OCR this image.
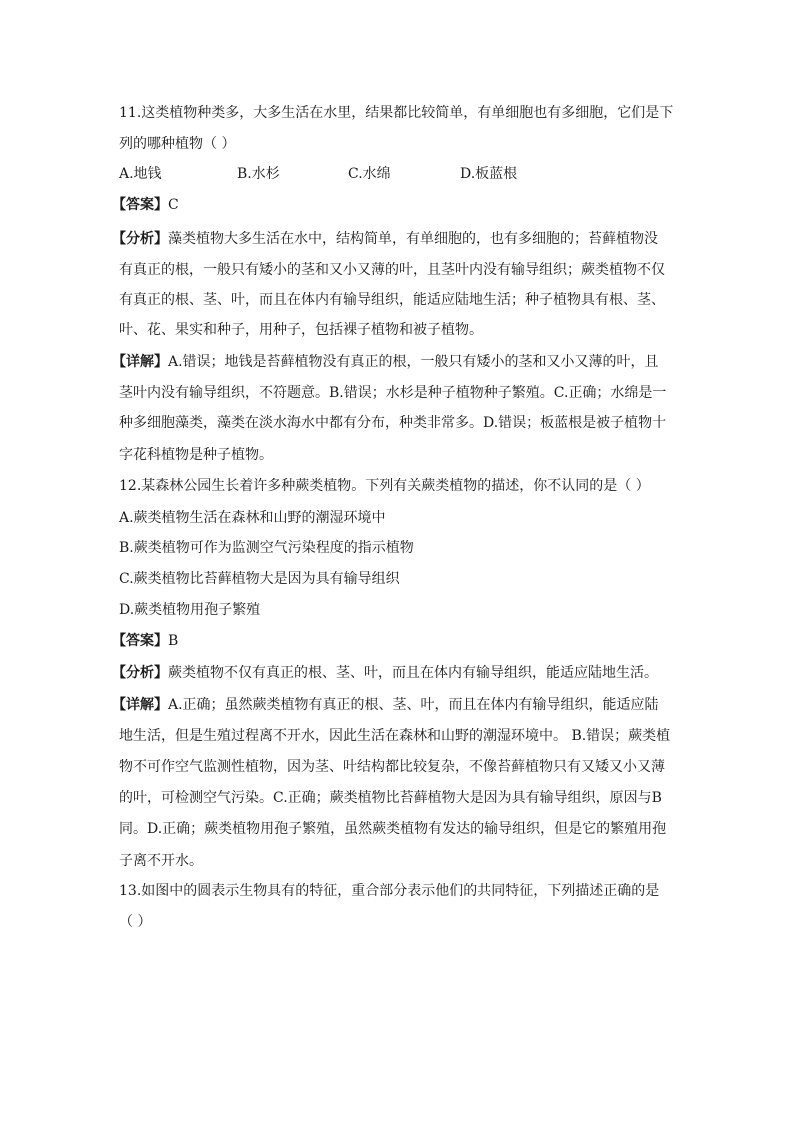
11.这类植物种类多，大多生活在水里，结果都比较简单，有单细胞也有多细胞，它们是下
列的哪种植物（ ）
A.地钱	B.水杉	C.水绵	D.板蓝根
【答案】C
【分析】藻类植物大多生活在水中，结构简单，有单细胞的，也有多细胞的；苔藓植物没
有真正的根，一般只有矮小的茎和又小又薄的叶，且茎叶内没有输导组织；蕨类植物不仅
有真正的根、茎、叶，而且在体内有输导组织，能适应陆地生活；种子植物具有根、茎、
叶、花、果实和种子，用种子，包括裸子植物和被子植物。
【详解】A.错误；地钱是苔藓植物没有真正的根，一般只有矮小的茎和又小又薄的叶，且
茎叶内没有输导组织，不符题意。B.错误；水杉是种子植物种子繁殖。C.正确；水绵是一
种多细胞藻类，藻类在淡水海水中都有分布，种类非常多。D.错误；板蓝根是被子植物十
字花科植物是种子植物。
12.某森林公园生长着许多种蕨类植物。下列有关蕨类植物的描述，你不认同的是（ ）
A.蕨类植物生活在森林和山野的潮湿环境中
B.蕨类植物可作为监测空气污染程度的指示植物
C.蕨类植物比苔藓植物大是因为具有输导组织
D.蕨类植物用孢子繁殖
【答案】B
【分析】蕨类植物不仅有真正的根、茎、叶，而且在体内有输导组织，能适应陆地生活。
【详解】A.正确；虽然蕨类植物有真正的根、茎、叶，而且在体内有输导组织，能适应陆
地生活，但是生殖过程离不开水，因此生活在森林和山野的潮湿环境中。 B.错误；蕨类植
物不可作空气监测性植物，因为茎、叶结构都比较复杂，不像苔藓植物只有又矮又小又薄
的叶，可检测空气污染。C.正确；蕨类植物比苔藓植物大是因为具有输导组织，原因与B
同。D.正确；蕨类植物用孢子繁殖，虽然蕨类植物有发达的输导组织，但是它的繁殖用孢
子离不开水。
13.如图中的圆表示生物具有的特征，重合部分表示他们的共同特征，下列描述正确的是
（ ）
